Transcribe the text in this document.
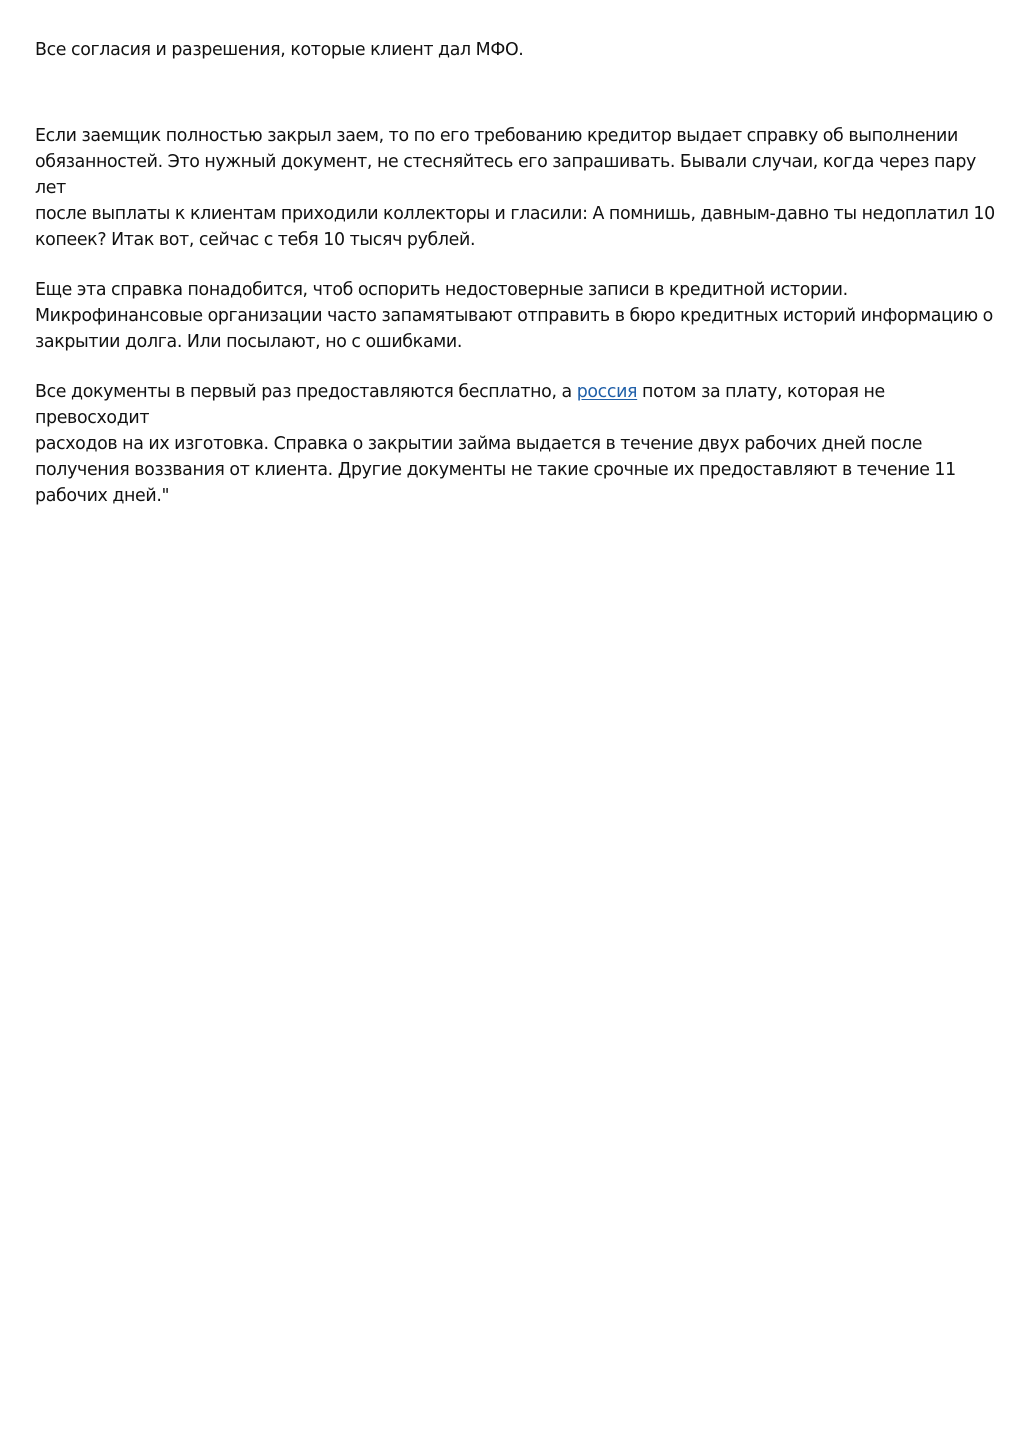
Все согласия и разрешения, которые клиент дал МФО.

Если заемщик полностью закрыл заем, то по его требованию кредитор выдает справку об выполнении
обязанностей. Это нужный документ, не стесняйтесь его запрашивать. Бывали случаи, когда через пару лет
после выплаты к клиентам приходили коллекторы и гласили: А помнишь, давным-давно ты недоплатил 10
копеек? Итак вот, сейчас с тебя 10 тысяч рублей.

Еще эта справка понадобится, чтоб оспорить недостоверные записи в кредитной истории.
Микрофинансовые организации часто запамятывают отправить в бюро кредитных историй информацию о
закрытии долга. Или посылают, но с ошибками.

Все документы в первый раз предоставляются бесплатно, а россия потом за плату, которая не превосходит
расходов на их изготовка. Справка о закрытии займа выдается в течение двух рабочих дней после
получения воззвания от клиента. Другие документы не такие срочные их предоставляют в течение 11
рабочих дней."
